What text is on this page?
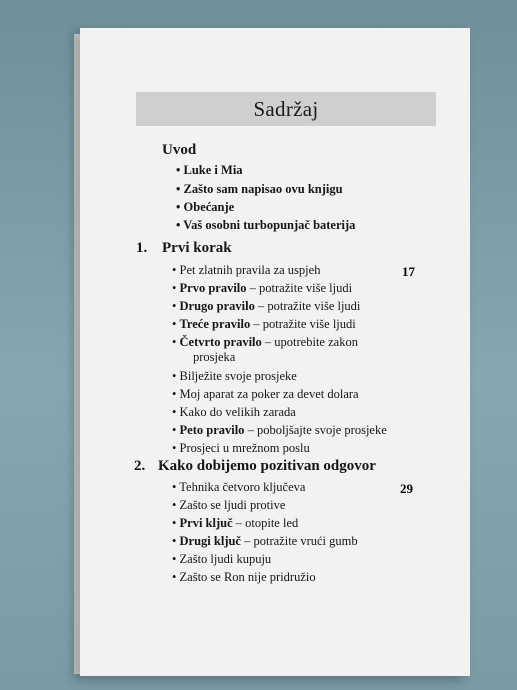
Sadržaj
Uvod
• Luke i Mia
• Zašto sam napisao ovu knjigu
• Obećanje
• Vaš osobni turbopunjač baterija
1. Prvi korak
17
• Pet zlatnih pravila za uspjeh
• Prvo pravilo – potražite više ljudi
• Drugo pravilo – potražite više ljudi
• Treće pravilo – potražite više ljudi
• Četvrto pravilo – upotrebite zakon
prosjeka
• Bilježite svoje prosjeke
• Moj aparat za poker za devet dolara
• Kako do velikih zarada
• Peto pravilo – poboljšajte svoje prosjeke
• Prosjeci u mrežnom poslu
2. Kako dobijemo pozitivan odgovor
29
• Tehnika četvoro ključeva
• Zašto se ljudi protive
• Prvi ključ – otopite led
• Drugi ključ – potražite vrući gumb
• Zašto ljudi kupuju
• Zašto se Ron nije pridružio
